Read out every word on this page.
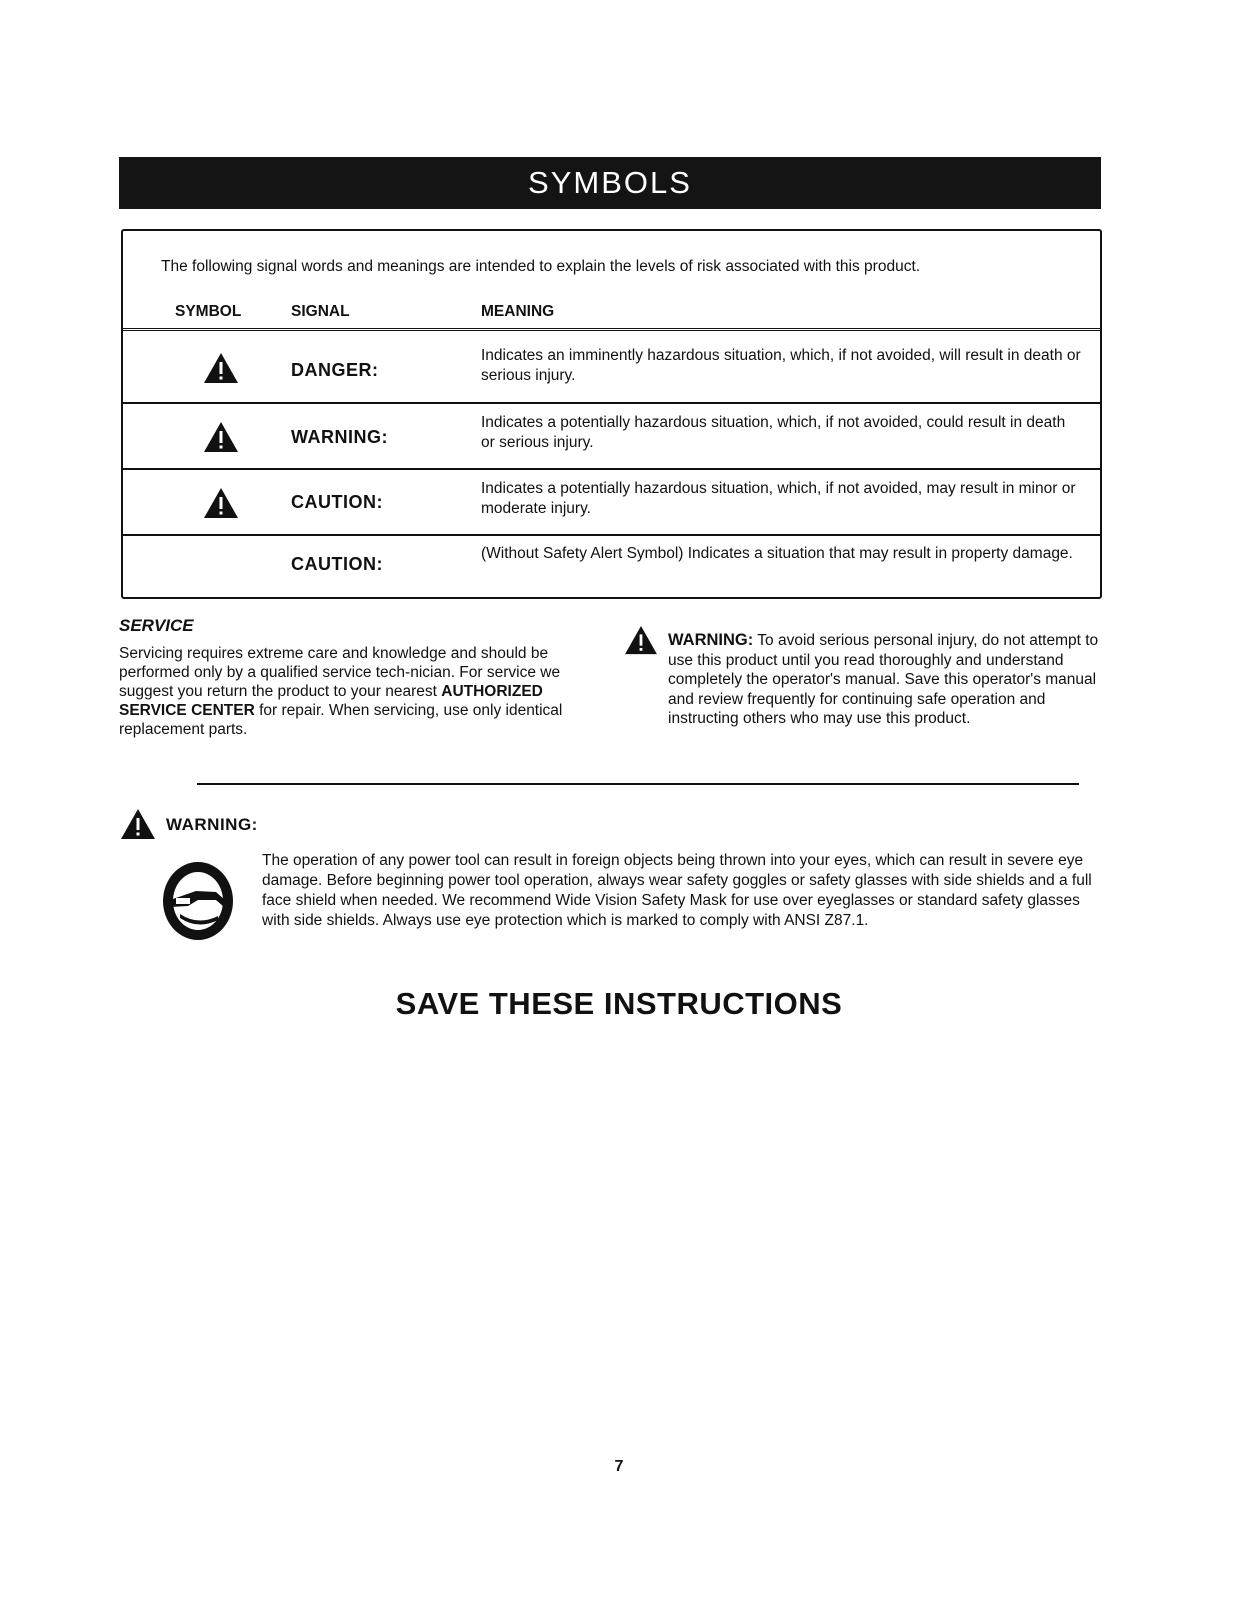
SYMBOLS
The following signal words and meanings are intended to explain the levels of risk associated with this product.
SYMBOL	SIGNAL	MEANING
DANGER:
Indicates an imminently hazardous situation, which, if not avoided, will result in death or serious injury.
WARNING:
Indicates a potentially hazardous situation, which, if not avoided, could result in death or serious injury.
CAUTION:
Indicates a potentially hazardous situation, which, if not avoided, may result in minor or moderate injury.
CAUTION:
(Without Safety Alert Symbol) Indicates a situation that may result in property damage.
SERVICE
Servicing requires extreme care and knowledge and should be performed only by a qualified service tech-nician. For service we suggest you return the product to your nearest AUTHORIZED SERVICE CENTER for repair. When servicing, use only identical replacement parts.
WARNING: To avoid serious personal injury, do not attempt to use this product until you read thoroughly and understand completely the operator's manual. Save this operator's manual and review frequently for continuing safe operation and instructing others who may use this product.
WARNING:
The operation of any power tool can result in foreign objects being thrown into your eyes, which can result in severe eye damage. Before beginning power tool operation, always wear safety goggles or safety glasses with side shields and a full face shield when needed. We recommend Wide Vision Safety Mask for use over eyeglasses or standard safety glasses with side shields. Always use eye protection which is marked to comply with ANSI Z87.1.
SAVE THESE INSTRUCTIONS
7
